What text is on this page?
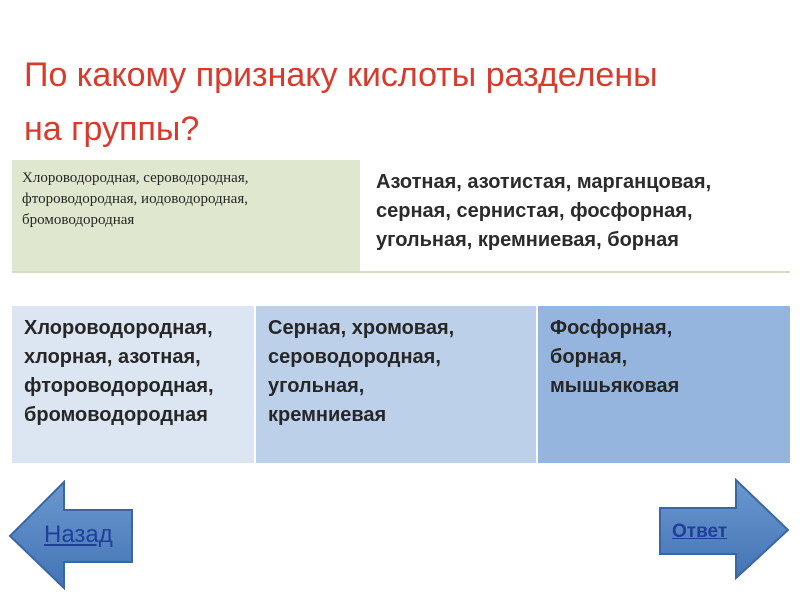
По какому признаку кислоты разделены
на группы?
Хлороводородная, сероводородная,
фтороводородная, иодоводородная,
бромоводородная
Азотная, азотистая, марганцовая,
серная, сернистая, фосфорная,
угольная, кремниевая, борная
Хлороводородная,
хлорная, азотная,
фтороводородная,
бромоводородная
Серная, хромовая,
сероводородная,
угольная,
кремниевая
Фосфорная,
борная,
мышьяковая
Назад	Ответ
